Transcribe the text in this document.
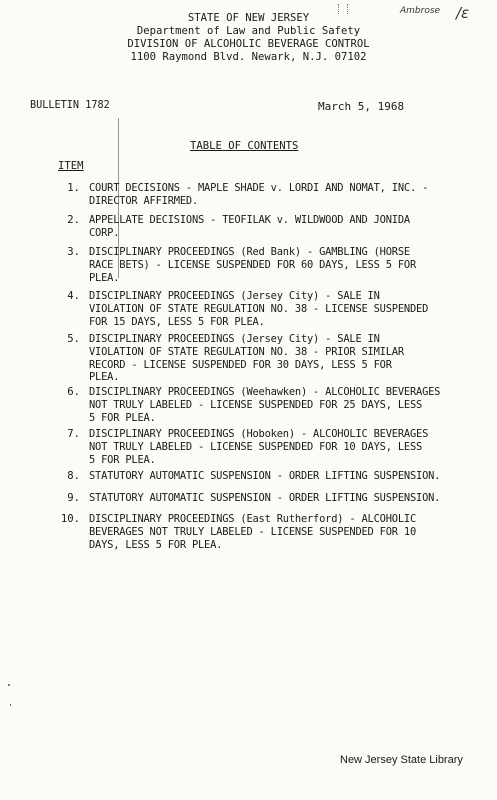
Ambrose /ε
STATE OF NEW JERSEY
Department of Law and Public Safety
DIVISION OF ALCOHOLIC BEVERAGE CONTROL
1100 Raymond Blvd. Newark, N.J. 07102
BULLETIN 1782	March 5, 1968
TABLE OF CONTENTS
ITEM
1. COURT DECISIONS - MAPLE SHADE v. LORDI AND NOMAT, INC. -
DIRECTOR AFFIRMED.
2. APPELLATE DECISIONS - TEOFILAK v. WILDWOOD AND JONIDA
CORP.
3. DISCIPLINARY PROCEEDINGS (Red Bank) - GAMBLING (HORSE
RACE BETS) - LICENSE SUSPENDED FOR 60 DAYS, LESS 5 FOR
PLEA.
4. DISCIPLINARY PROCEEDINGS (Jersey City) - SALE IN
VIOLATION OF STATE REGULATION NO. 38 - LICENSE SUSPENDED
FOR 15 DAYS, LESS 5 FOR PLEA.
5. DISCIPLINARY PROCEEDINGS (Jersey City) - SALE IN
VIOLATION OF STATE REGULATION NO. 38 - PRIOR SIMILAR
RECORD - LICENSE SUSPENDED FOR 30 DAYS, LESS 5 FOR
PLEA.
6. DISCIPLINARY PROCEEDINGS (Weehawken) - ALCOHOLIC BEVERAGES
NOT TRULY LABELED - LICENSE SUSPENDED FOR 25 DAYS, LESS
5 FOR PLEA.
7. DISCIPLINARY PROCEEDINGS (Hoboken) - ALCOHOLIC BEVERAGES
NOT TRULY LABELED - LICENSE SUSPENDED FOR 10 DAYS, LESS
5 FOR PLEA.
8. STATUTORY AUTOMATIC SUSPENSION - ORDER LIFTING SUSPENSION.
9. STATUTORY AUTOMATIC SUSPENSION - ORDER LIFTING SUSPENSION.
10. DISCIPLINARY PROCEEDINGS (East Rutherford) - ALCOHOLIC
BEVERAGES NOT TRULY LABELED - LICENSE SUSPENDED FOR 10
DAYS, LESS 5 FOR PLEA.
New Jersey State Library
